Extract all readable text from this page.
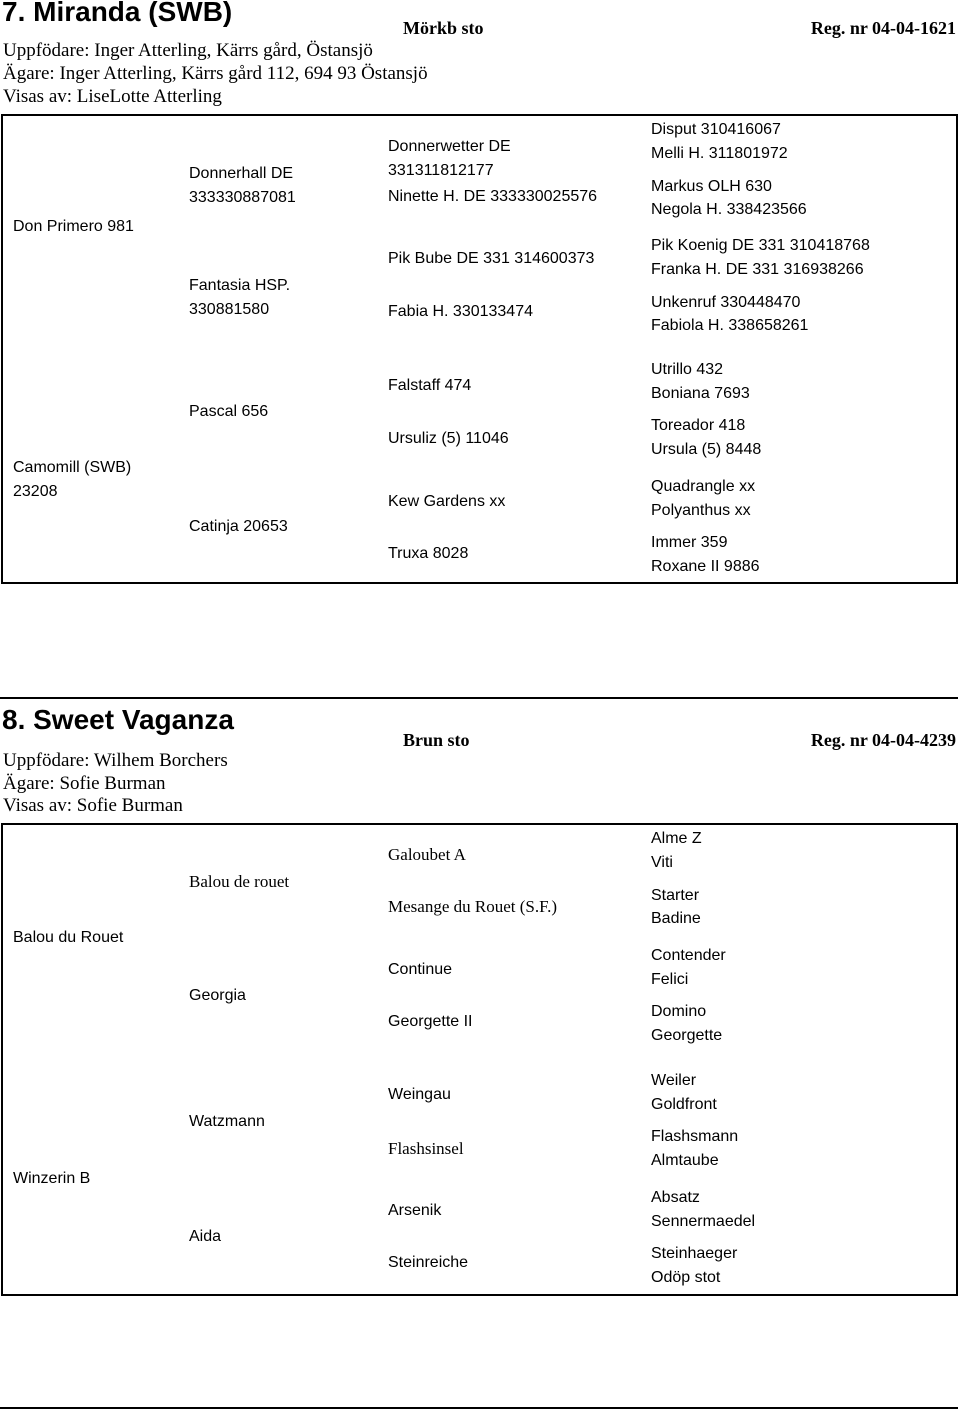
7. Miranda (SWB)
Mörkb sto	Reg. nr 04-04-1621
Uppfödare: Inger Atterling, Kärrs gård, Östansjö
Ägare: Inger Atterling, Kärrs gård 112, 694 93 Östansjö
Visas av: LiseLotte Atterling
Don Primero 981
Donnerhall DE 333330887081
Fantasia HSP. 330881580
Donnerwetter DE 331311812177
Ninette H. DE 333330025576
Pik Bube DE 331 314600373
Fabia H. 330133474
Disput 310416067
Melli H. 311801972
Markus OLH 630
Negola H. 338423566
Pik Koenig DE 331 310418768
Franka H. DE 331 316938266
Unkenruf 330448470
Fabiola H. 338658261
Camomill (SWB) 23208
Pascal 656
Catinja 20653
Falstaff 474
Ursuliz (5) 11046
Kew Gardens xx
Truxa 8028
Utrillo 432
Boniana 7693
Toreador 418
Ursula (5) 8448
Quadrangle xx
Polyanthus xx
Immer 359
Roxane II 9886
8. Sweet Vaganza
Brun sto	Reg. nr 04-04-4239
Uppfödare: Wilhem Borchers
Ägare: Sofie Burman
Visas av: Sofie Burman
Balou du Rouet
Balou de rouet
Georgia
Galoubet A
Mesange du Rouet (S.F.)
Continue
Georgette II
Alme Z
Viti
Starter
Badine
Contender
Felici
Domino
Georgette
Winzerin B
Watzmann
Aida
Weingau
Flashsinsel
Arsenik
Steinreiche
Weiler
Goldfront
Flashsmann
Almtaube
Absatz
Sennermaedel
Steinhaeger
Odöp stot
